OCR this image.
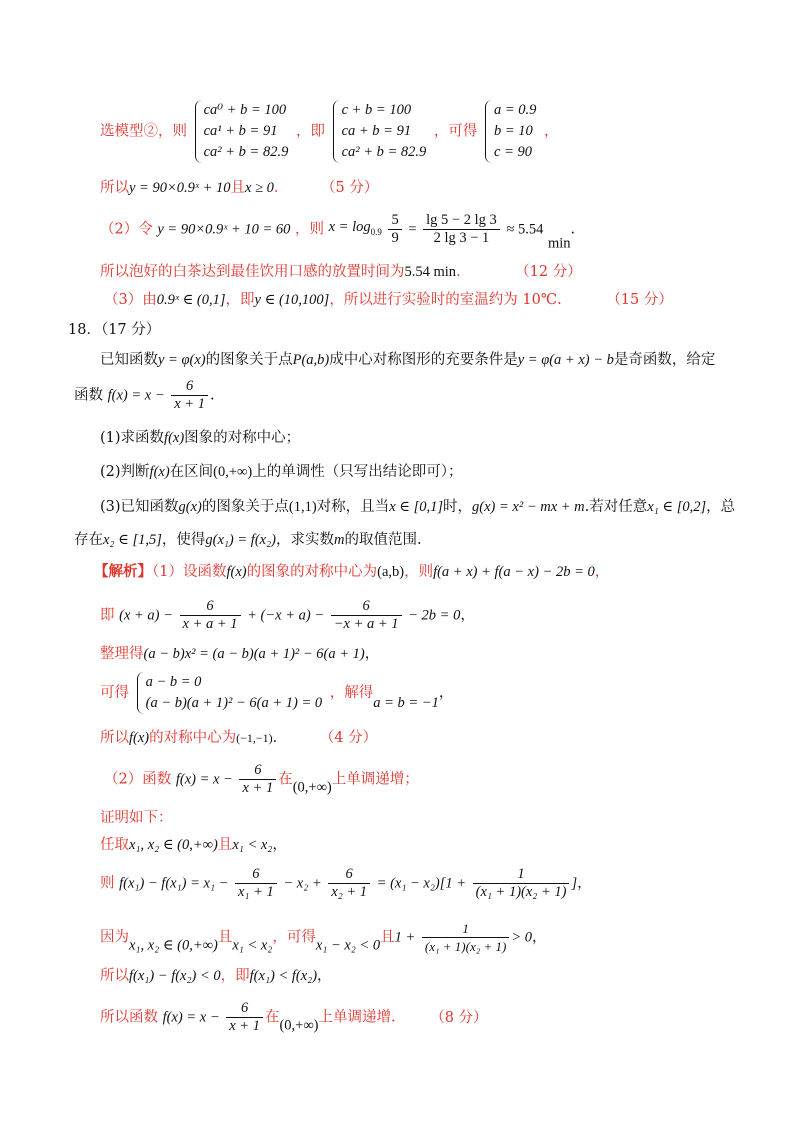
选模型②，则
ca⁰ + b = 100
ca¹ + b = 91
ca² + b = 82.9
，即
c + b = 100
ca + b = 91
ca² + b = 82.9
，可得
a = 0.9
b = 10
c = 90
，
所以y = 90×0.9ˣ + 10且x ≥ 0． （5 分）
（2）令 y = 90×0.9ˣ + 10 = 60 ，则 $x = \log_{0.9} \frac{5}{9} = \frac{\lg 5 - 2 \lg 3}{2 \lg 3 - 1} \approx 5.54$ min.
所以泡好的白茶达到最佳饮用口感的放置时间为5.54 min．	（12 分）
（3）由0.9ˣ ∈ (0,1]，即y ∈ (10,100]，所以进行实验时的室温约为 10℃.	（15 分）
18．（17 分）
已知函数y = φ(x)的图象关于点P(a,b)成中心对称图形的充要条件是y = φ(a + x) − b是奇函数，给定
函数 $f(x) = x - \frac{6}{x + 1}$ .
(1)求函数f(x)图象的对称中心；
(2)判断f(x)在区间(0,+∞)上的单调性（只写出结论即可）；
(3)已知函数g(x)的图象关于点(1,1)对称，且当x ∈ [0,1]时，g(x) = x² − mx + m.若对任意x₁ ∈ [0,2]，总
存在x₂ ∈ [1,5]，使得g(x₁) = f(x₂)，求实数m的取值范围.
【解析】（1）设函数f(x)的图象的对称中心为(a,b)，则f(a + x) + f(a − x) − 2b = 0，
即 $(x + a) - \frac{6}{x + a + 1} + (-x + a) - \frac{6}{-x + a + 1} - 2b = 0$，
整理得(a − b)x² = (a − b)(a + 1)² − 6(a + 1)，
可得
a − b = 0
(a − b)(a + 1)² − 6(a + 1) = 0
，解得a = b = −1，
所以f(x)的对称中心为(−1,−1)． （4 分）
（2）函数 $f(x) = x - \frac{6}{x + 1}$ 在(0,+∞)上单调递增；
证明如下：
任取x₁, x₂ ∈ (0,+∞)且x₁ < x₂，
则 $f(x_1) - f(x_1) = x_1 - \frac{6}{\text{x₁ + 1}} - x_2 + \frac{6}{\text{x₂ + 1}} = (x_1 - x_2)[1 + \frac{1}{\text{(x₁ + 1)(x₂ + 1)}}$ ]，
因为x₁, x₂ ∈ (0,+∞)且x₁ < x₂，可得x₁ − x₂ < 0且$1 + \frac{1}{\text{(x₁ + 1)(x₂ + 1)}} > 0$，
所以f(x₁) − f(x₂) < 0，即f(x₁) < f(x₂)，
所以函数 $f(x) = x - \frac{6}{x + 1}$ 在(0,+∞)上单调递增. （8 分）
